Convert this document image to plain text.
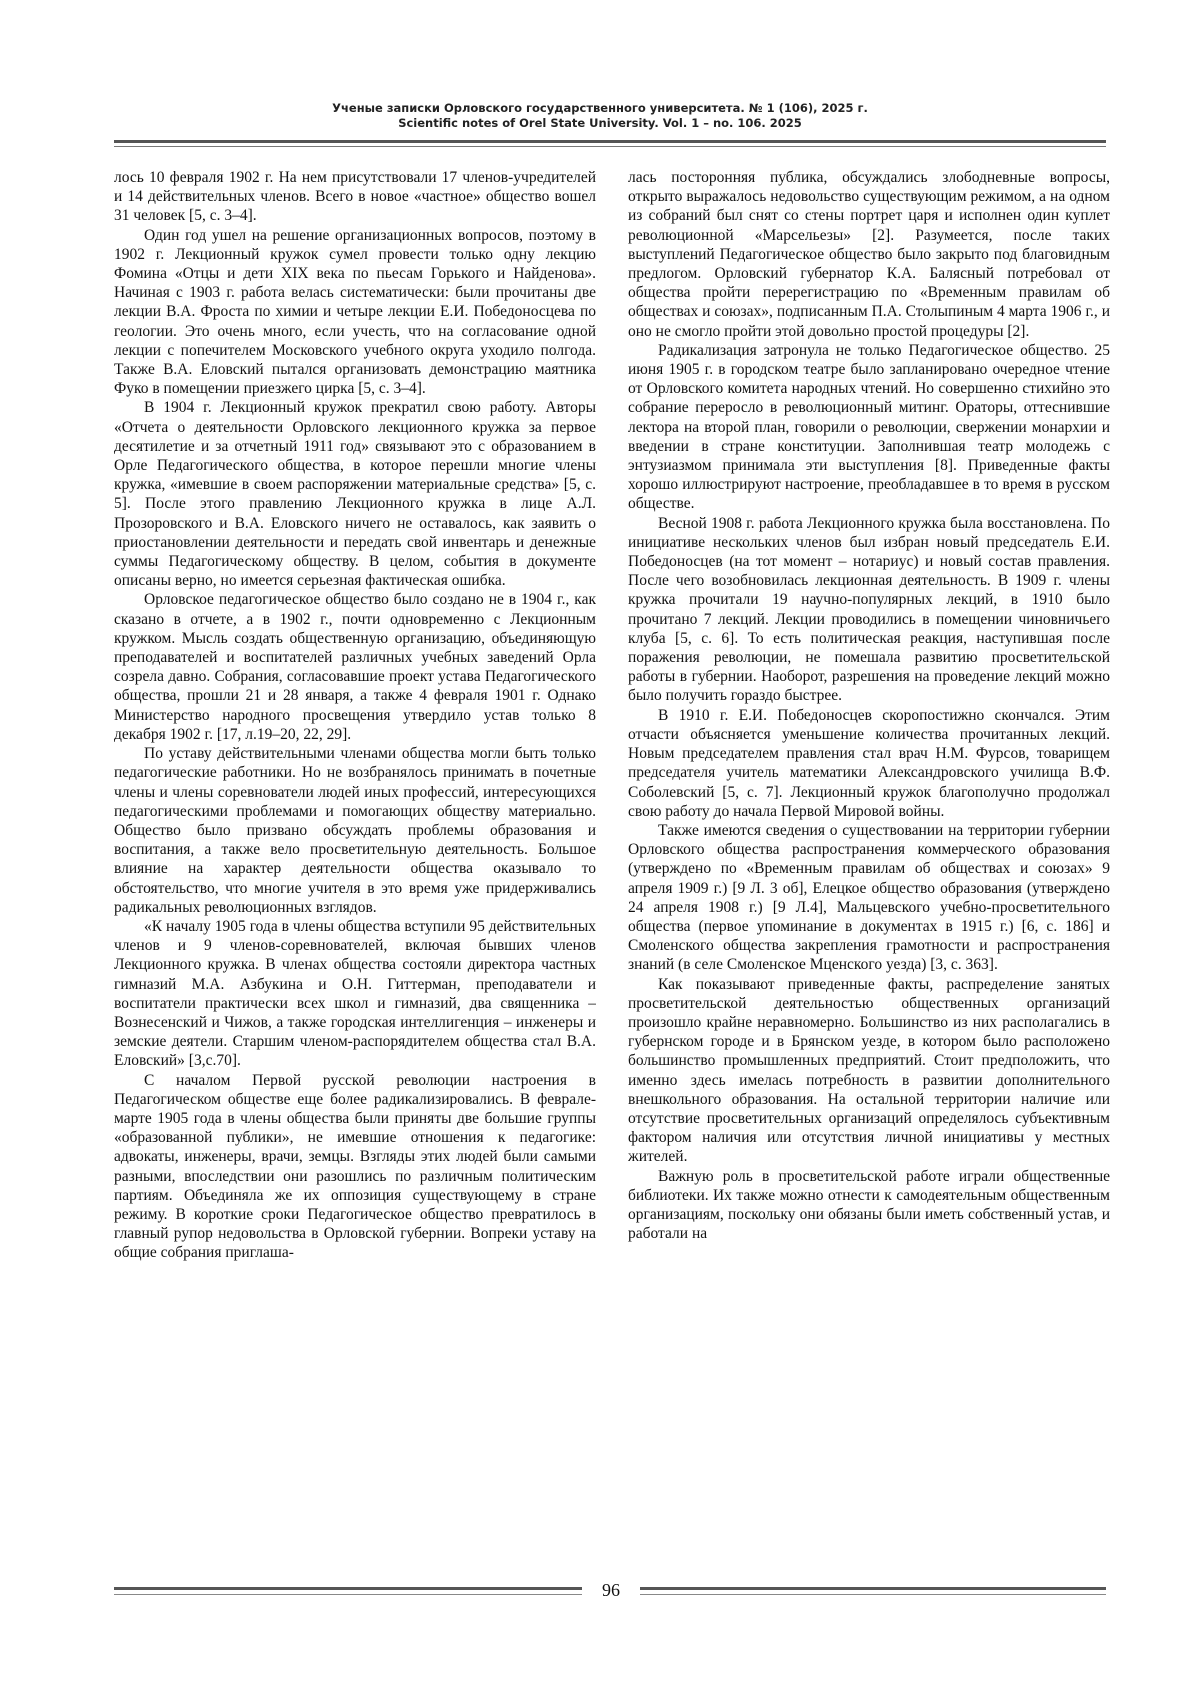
Ученые записки Орловского государственного университета. № 1 (106), 2025 г.
Scientific notes of Orel State University. Vol. 1 – no. 106. 2025

лось 10 февраля 1902 г. На нем присутствовали 17 членов-учредителей и 14 действительных членов. Всего в новое «частное» общество вошел 31 человек [5, с. 3–4].

Один год ушел на решение организационных вопросов, поэтому в 1902 г. Лекционный кружок сумел провести только одну лекцию Фомина «Отцы и дети XIX века по пьесам Горького и Найденова». Начиная с 1903 г. работа велась систематически: были прочитаны две лекции В.А. Фроста по химии и четыре лекции Е.И. Победоносцева по геологии. Это очень много, если учесть, что на согласование одной лекции с попечителем Московского учебного округа уходило полгода. Также В.А. Еловский пытался организовать демонстрацию маятника Фуко в помещении приезжего цирка [5, с. 3–4].

В 1904 г. Лекционный кружок прекратил свою работу. Авторы «Отчета о деятельности Орловского лекционного кружка за первое десятилетие и за отчетный 1911 год» связывают это с образованием в Орле Педагогического общества, в которое перешли многие члены кружка, «имевшие в своем распоряжении материальные средства» [5, с. 5]. После этого правлению Лекционного кружка в лице А.Л. Прозоровского и В.А. Еловского ничего не оставалось, как заявить о приостановлении деятельности и передать свой инвентарь и денежные суммы Педагогическому обществу. В целом, события в документе описаны верно, но имеется серьезная фактическая ошибка.

Орловское педагогическое общество было создано не в 1904 г., как сказано в отчете, а в 1902 г., почти одновременно с Лекционным кружком. Мысль создать общественную организацию, объединяющую преподавателей и воспитателей различных учебных заведений Орла созрела давно. Собрания, согласовавшие проект устава Педагогического общества, прошли 21 и 28 января, а также 4 февраля 1901 г. Однако Министерство народного просвещения утвердило устав только 8 декабря 1902 г. [17, л.19–20, 22, 29].

По уставу действительными членами общества могли быть только педагогические работники. Но не возбранялось принимать в почетные члены и члены соревнователи людей иных профессий, интересующихся педагогическими проблемами и помогающих обществу материально. Общество было призвано обсуждать проблемы образования и воспитания, а также вело просветительную деятельность. Большое влияние на характер деятельности общества оказывало то обстоятельство, что многие учителя в это время уже придерживались радикальных революционных взглядов.

«К началу 1905 года в члены общества вступили 95 действительных членов и 9 членов-соревнователей, включая бывших членов Лекционного кружка. В членах общества состояли директора частных гимназий М.А. Азбукина и О.Н. Гиттерман, преподаватели и воспитатели практически всех школ и гимназий, два священника – Вознесенский и Чижов, а также городская интеллигенция – инженеры и земские деятели. Старшим членом-распорядителем общества стал В.А. Еловский» [3,с.70].

С началом Первой русской революции настроения в Педагогическом обществе еще более радикализировались. В феврале-марте 1905 года в члены общества были приняты две большие группы «образованной публики», не имевшие отношения к педагогике: адвокаты, инженеры, врачи, земцы. Взгляды этих людей были самыми разными, впоследствии они разошлись по различным политическим партиям. Объединяла же их оппозиция существующему в стране режиму. В короткие сроки Педагогическое общество превратилось в главный рупор недовольства в Орловской губернии. Вопреки уставу на общие собрания приглаша-

лась посторонняя публика, обсуждались злободневные вопросы, открыто выражалось недовольство существующим режимом, а на одном из собраний был снят со стены портрет царя и исполнен один куплет революционной «Марсельезы» [2]. Разумеется, после таких выступлений Педагогическое общество было закрыто под благовидным предлогом. Орловский губернатор К.А. Балясный потребовал от общества пройти перерегистрацию по «Временным правилам об обществах и союзах», подписанным П.А. Столыпиным 4 марта 1906 г., и оно не смогло пройти этой довольно простой процедуры [2].

Радикализация затронула не только Педагогическое общество. 25 июня 1905 г. в городском театре было запланировано очередное чтение от Орловского комитета народных чтений. Но совершенно стихийно это собрание переросло в революционный митинг. Ораторы, оттеснившие лектора на второй план, говорили о революции, свержении монархии и введении в стране конституции. Заполнившая театр молодежь с энтузиазмом принимала эти выступления [8]. Приведенные факты хорошо иллюстрируют настроение, преобладавшее в то время в русском обществе.

Весной 1908 г. работа Лекционного кружка была восстановлена. По инициативе нескольких членов был избран новый председатель Е.И. Победоносцев (на тот момент – нотариус) и новый состав правления. После чего возобновилась лекционная деятельность. В 1909 г. члены кружка прочитали 19 научно-популярных лекций, в 1910 было прочитано 7 лекций. Лекции проводились в помещении чиновничьего клуба [5, с. 6]. То есть политическая реакция, наступившая после поражения революции, не помешала развитию просветительской работы в губернии. Наоборот, разрешения на проведение лекций можно было получить гораздо быстрее.

В 1910 г. Е.И. Победоносцев скоропостижно скончался. Этим отчасти объясняется уменьшение количества прочитанных лекций. Новым председателем правления стал врач Н.М. Фурсов, товарищем председателя учитель математики Александровского училища В.Ф. Соболевский [5, с. 7]. Лекционный кружок благополучно продолжал свою работу до начала Первой Мировой войны.

Также имеются сведения о существовании на территории губернии Орловского общества распространения коммерческого образования (утверждено по «Временным правилам об обществах и союзах» 9 апреля 1909 г.) [9 Л. 3 об], Елецкое общество образования (утверждено 24 апреля 1908 г.) [9 Л.4], Мальцевского учебно-просветительного общества (первое упоминание в документах в 1915 г.) [6, с. 186] и Смоленского общества закрепления грамотности и распространения знаний (в селе Смоленское Мценского уезда) [3, с. 363].

Как показывают приведенные факты, распределение занятых просветительской деятельностью общественных организаций произошло крайне неравномерно. Большинство из них располагались в губернском городе и в Брянском уезде, в котором было расположено большинство промышленных предприятий. Стоит предположить, что именно здесь имелась потребность в развитии дополнительного внешкольного образования. На остальной территории наличие или отсутствие просветительных организаций определялось субъективным фактором наличия или отсутствия личной инициативы у местных жителей.

Важную роль в просветительской работе играли общественные библиотеки. Их также можно отнести к самодеятельным общественным организациям, поскольку они обязаны были иметь собственный устав, и работали на

96
